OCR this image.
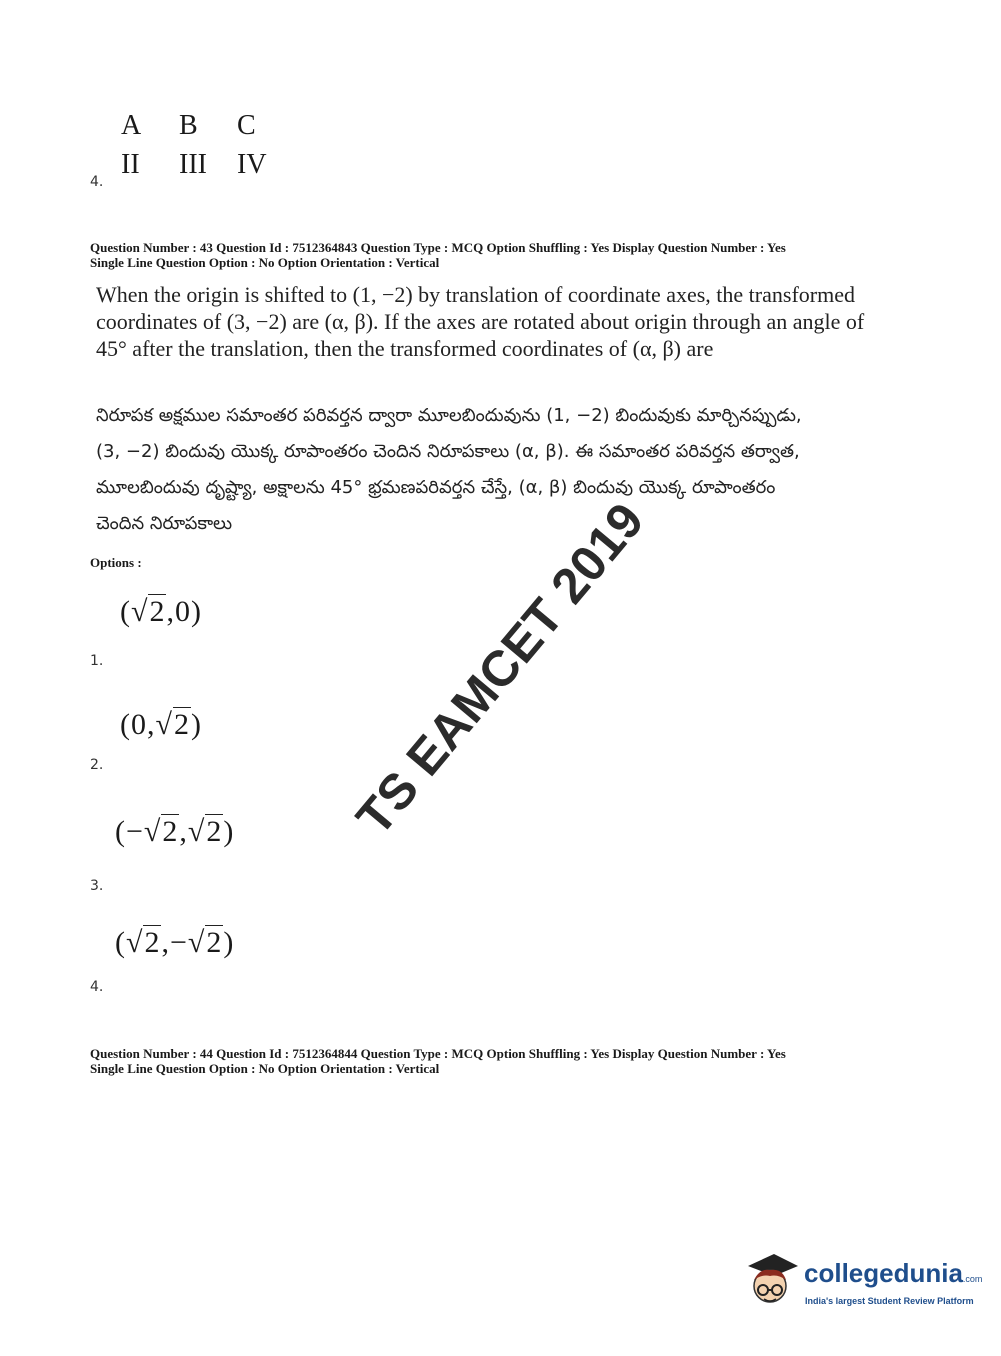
A B C
II III IV
4.
Question Number : 43 Question Id : 7512364843 Question Type : MCQ Option Shuffling : Yes Display Question Number : Yes
Single Line Question Option : No Option Orientation : Vertical
When the origin is shifted to (1, −2) by translation of coordinate axes, the transformed
coordinates of (3, −2) are (α, β). If the axes are rotated about origin through an angle of
45° after the translation, then the transformed coordinates of (α, β) are
నిరూపక అక్షముల సమాంతర పరివర్తన ద్వారా మూలబిందువును (1, −2) బిందువుకు మార్చినప్పుడు,
(3, −2) బిందువు యొక్క రూపాంతరం చెందిన నిరూపకాలు (α, β). ఈ సమాంతర పరివర్తన తర్వాత,
మూలబిందువు దృష్ట్యా, అక్షాలను 45° భ్రమణపరివర్తన చేస్తే, (α, β) బిందువు యొక్క రూపాంతరం
చెందిన నిరూపకాలు
Options :
(√2,0)
1.
(0,√2)
2.
(−√2,√2)
3.
(√2,−√2)
4.
Question Number : 44 Question Id : 7512364844 Question Type : MCQ Option Shuffling : Yes Display Question Number : Yes
Single Line Question Option : No Option Orientation : Vertical
TS EAMCET 2019
collegedunia.com
India's largest Student Review Platform
